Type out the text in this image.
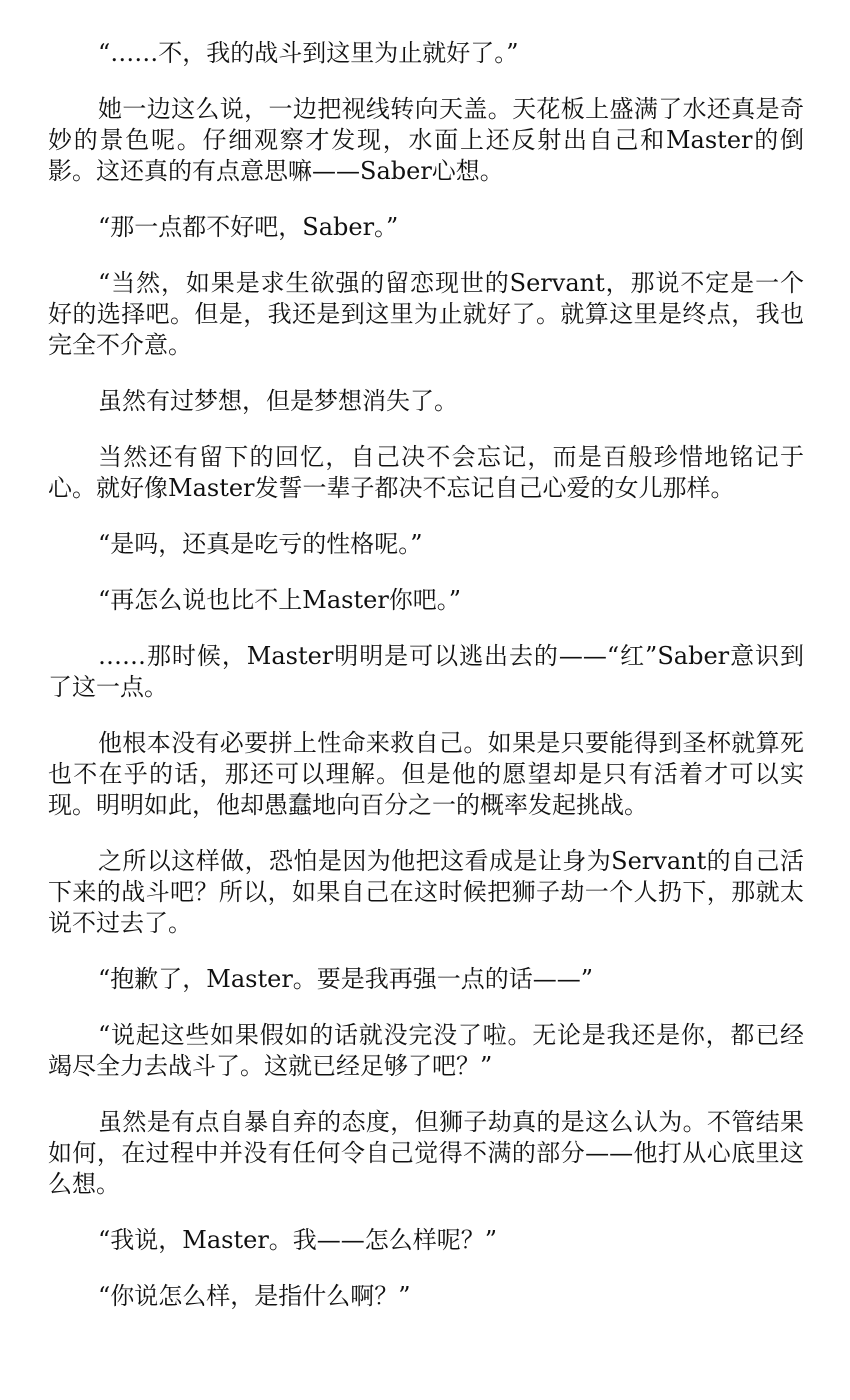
“……不，我的战斗到这里为止就好了。”

她一边这么说，一边把视线转向天盖。天花板上盛满了水还真是奇妙的景色呢。仔细观察才发现，水面上还反射出自己和Master的倒影。这还真的有点意思嘛——Saber心想。

“那一点都不好吧，Saber。”

“当然，如果是求生欲强的留恋现世的Servant，那说不定是一个好的选择吧。但是，我还是到这里为止就好了。就算这里是终点，我也完全不介意。

虽然有过梦想，但是梦想消失了。

当然还有留下的回忆，自己决不会忘记，而是百般珍惜地铭记于心。就好像Master发誓一辈子都决不忘记自己心爱的女儿那样。

“是吗，还真是吃亏的性格呢。”

“再怎么说也比不上Master你吧。”

……那时候，Master明明是可以逃出去的——“红”Saber意识到了这一点。

他根本没有必要拼上性命来救自己。如果是只要能得到圣杯就算死也不在乎的话，那还可以理解。但是他的愿望却是只有活着才可以实现。明明如此，他却愚蠢地向百分之一的概率发起挑战。

之所以这样做，恐怕是因为他把这看成是让身为Servant的自己活下来的战斗吧？所以，如果自己在这时候把狮子劫一个人扔下，那就太说不过去了。

“抱歉了，Master。要是我再强一点的话——”

“说起这些如果假如的话就没完没了啦。无论是我还是你，都已经竭尽全力去战斗了。这就已经足够了吧？”

虽然是有点自暴自弃的态度，但狮子劫真的是这么认为。不管结果如何，在过程中并没有任何令自己觉得不满的部分——他打从心底里这么想。

“我说，Master。我——怎么样呢？”

“你说怎么样，是指什么啊？”
